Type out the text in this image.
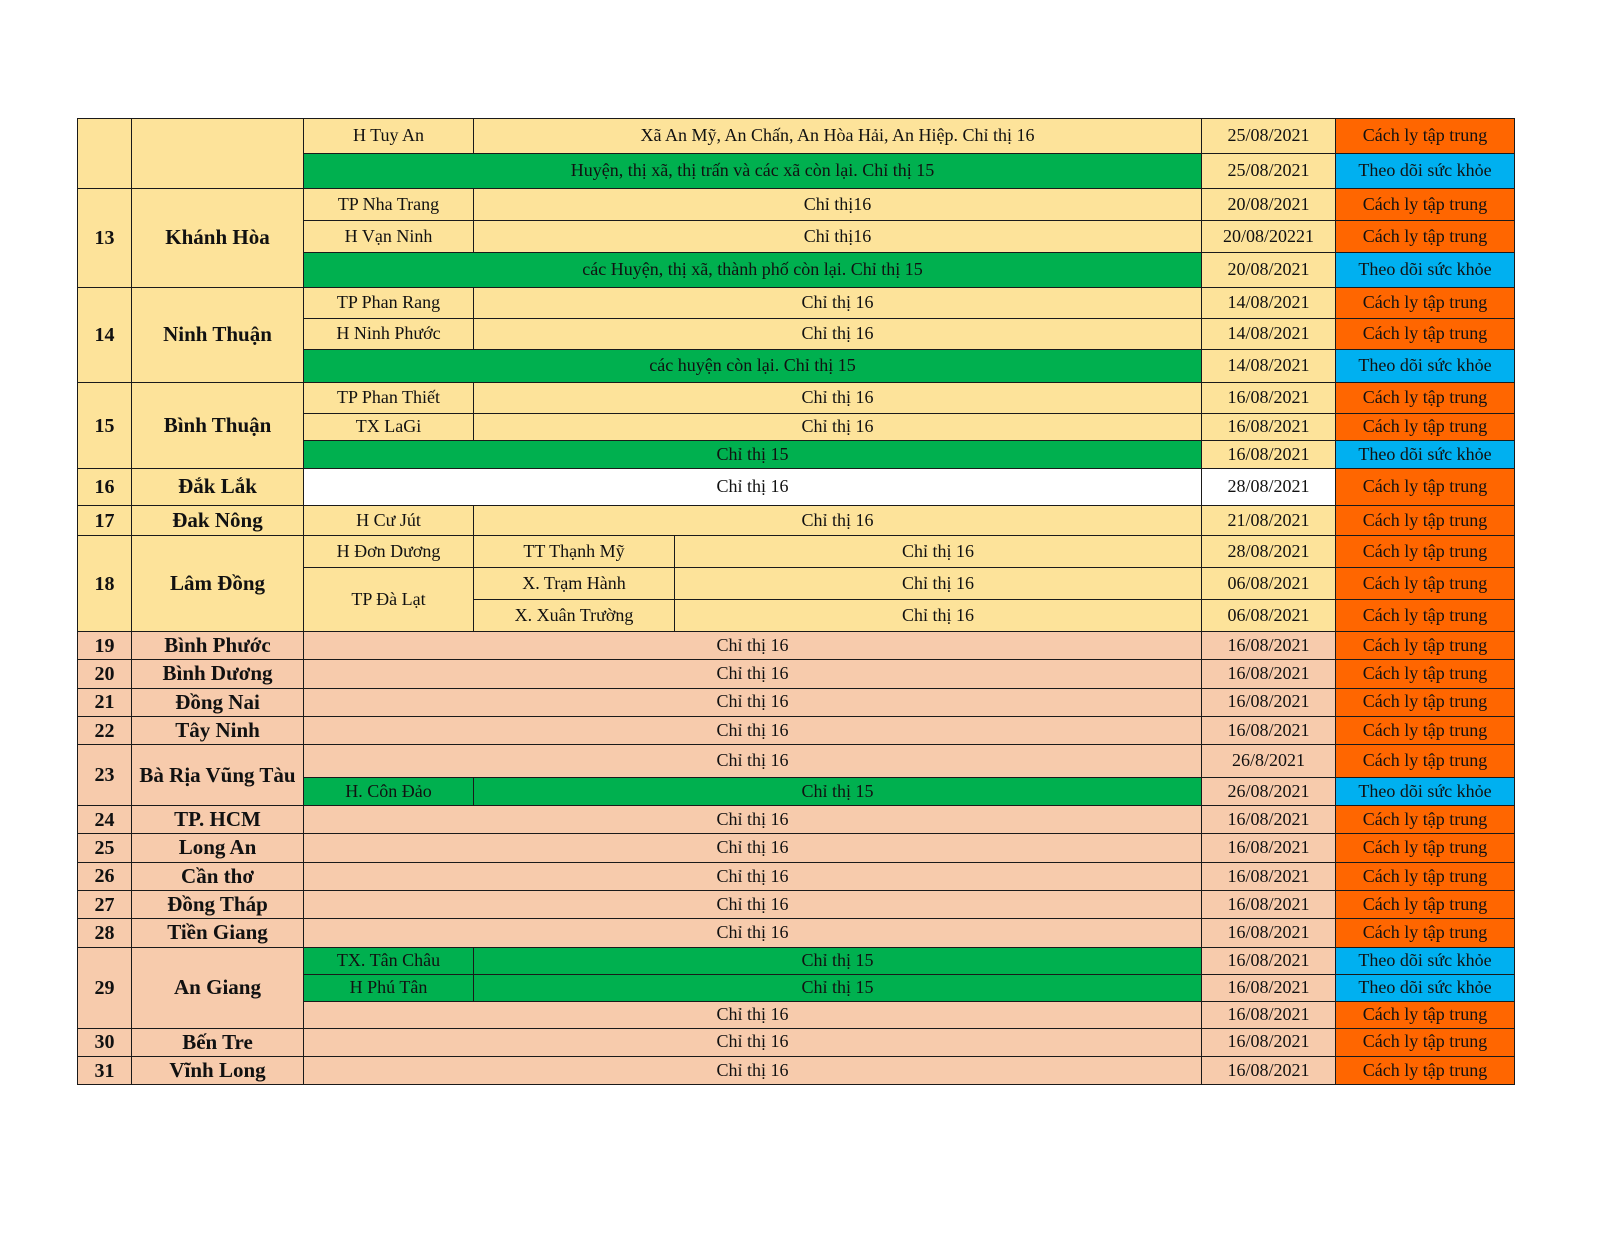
		H Tuy An	Xã An Mỹ, An Chấn, An Hòa Hải, An Hiệp. Chỉ thị 16		25/08/2021	Cách ly tập trung
		Huyện, thị xã, thị trấn và các xã còn lại. Chỉ thị 15			25/08/2021	Theo dõi sức khỏe
13	Khánh Hòa	TP Nha Trang	Chỉ thị16		20/08/2021	Cách ly tập trung
		H Vạn Ninh	Chỉ thị16		20/08/20221	Cách ly tập trung
		các Huyện, thị xã, thành phố còn lại. Chỉ thị 15			20/08/2021	Theo dõi sức khỏe
14	Ninh Thuận	TP Phan Rang	Chỉ thị 16		14/08/2021	Cách ly tập trung
		H Ninh Phước	Chỉ thị 16		14/08/2021	Cách ly tập trung
		các huyện còn lại. Chỉ thị 15			14/08/2021	Theo dõi sức khỏe
15	Bình Thuận	TP Phan Thiết	Chỉ thị 16		16/08/2021	Cách ly tập trung
		TX LaGi	Chỉ thị 16		16/08/2021	Cách ly tập trung
		Chỉ thị 15			16/08/2021	Theo dõi sức khỏe
16	Đắk Lắk	Chỉ thị 16			28/08/2021	Cách ly tập trung
17	Đak Nông	H Cư Jút	Chỉ thị 16		21/08/2021	Cách ly tập trung
18	Lâm Đồng	H Đơn Dương	TT Thạnh Mỹ	Chỉ thị 16	28/08/2021	Cách ly tập trung
		TP Đà Lạt	X. Trạm Hành	Chỉ thị 16	06/08/2021	Cách ly tập trung
			X. Xuân Trường	Chỉ thị 16	06/08/2021	Cách ly tập trung
19	Bình Phước	Chỉ thị 16			16/08/2021	Cách ly tập trung
20	Bình Dương	Chỉ thị 16			16/08/2021	Cách ly tập trung
21	Đồng Nai	Chỉ thị 16			16/08/2021	Cách ly tập trung
22	Tây Ninh	Chỉ thị 16			16/08/2021	Cách ly tập trung
23	Bà Rịa Vũng Tàu	Chỉ thị 16			26/8/2021	Cách ly tập trung
		H. Côn Đảo	Chỉ thị 15		26/08/2021	Theo dõi sức khỏe
24	TP. HCM	Chỉ thị 16			16/08/2021	Cách ly tập trung
25	Long An	Chỉ thị 16			16/08/2021	Cách ly tập trung
26	Cần thơ	Chỉ thị 16			16/08/2021	Cách ly tập trung
27	Đồng Tháp	Chỉ thị 16			16/08/2021	Cách ly tập trung
28	Tiền Giang	Chỉ thị 16			16/08/2021	Cách ly tập trung
29	An Giang	TX. Tân Châu	Chỉ thị 15		16/08/2021	Theo dõi sức khỏe
		H Phú Tân	Chỉ thị 15		16/08/2021	Theo dõi sức khỏe
		Chỉ thị 16			16/08/2021	Cách ly tập trung
30	Bến Tre	Chỉ thị 16			16/08/2021	Cách ly tập trung
31	Vĩnh Long	Chỉ thị 16			16/08/2021	Cách ly tập trung
